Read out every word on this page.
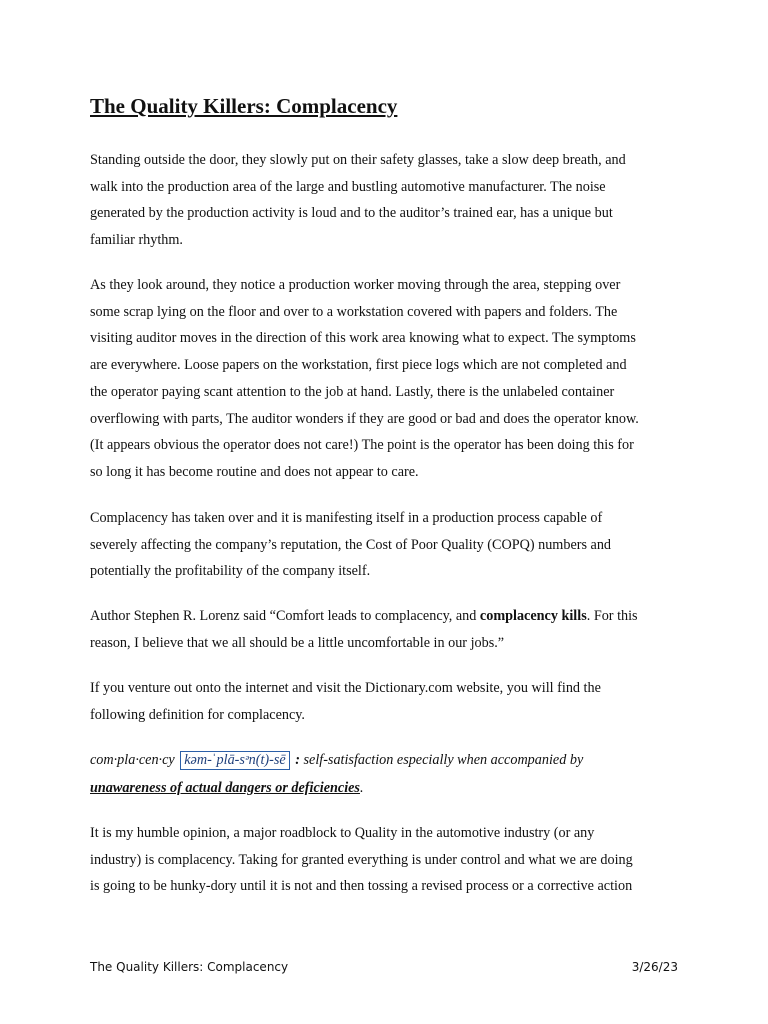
The Quality Killers: Complacency

Standing outside the door, they slowly put on their safety glasses, take a slow deep breath, and
walk into the production area of the large and bustling automotive manufacturer. The noise
generated by the production activity is loud and to the auditor’s trained ear, has a unique but
familiar rhythm.

As they look around, they notice a production worker moving through the area, stepping over
some scrap lying on the floor and over to a workstation covered with papers and folders. The
visiting auditor moves in the direction of this work area knowing what to expect. The symptoms
are everywhere. Loose papers on the workstation, first piece logs which are not completed and
the operator paying scant attention to the job at hand. Lastly, there is the unlabeled container
overflowing with parts, The auditor wonders if they are good or bad and does the operator know.
(It appears obvious the operator does not care!) The point is the operator has been doing this for
so long it has become routine and does not appear to care.

Complacency has taken over and it is manifesting itself in a production process capable of
severely affecting the company’s reputation, the Cost of Poor Quality (COPQ) numbers and
potentially the profitability of the company itself.

Author Stephen R. Lorenz said “Comfort leads to complacency, and complacency kills. For this
reason, I believe that we all should be a little uncomfortable in our jobs.”

If you venture out onto the internet and visit the Dictionary.com website, you will find the
following definition for complacency.

com·pla·cen·cy kəm-ˈplā-sᵊn(t)-sē : self-satisfaction especially when accompanied by
unawareness of actual dangers or deficiencies.

It is my humble opinion, a major roadblock to Quality in the automotive industry (or any
industry) is complacency. Taking for granted everything is under control and what we are doing
is going to be hunky-dory until it is not and then tossing a revised process or a corrective action

The Quality Killers: Complacency	3/26/23
